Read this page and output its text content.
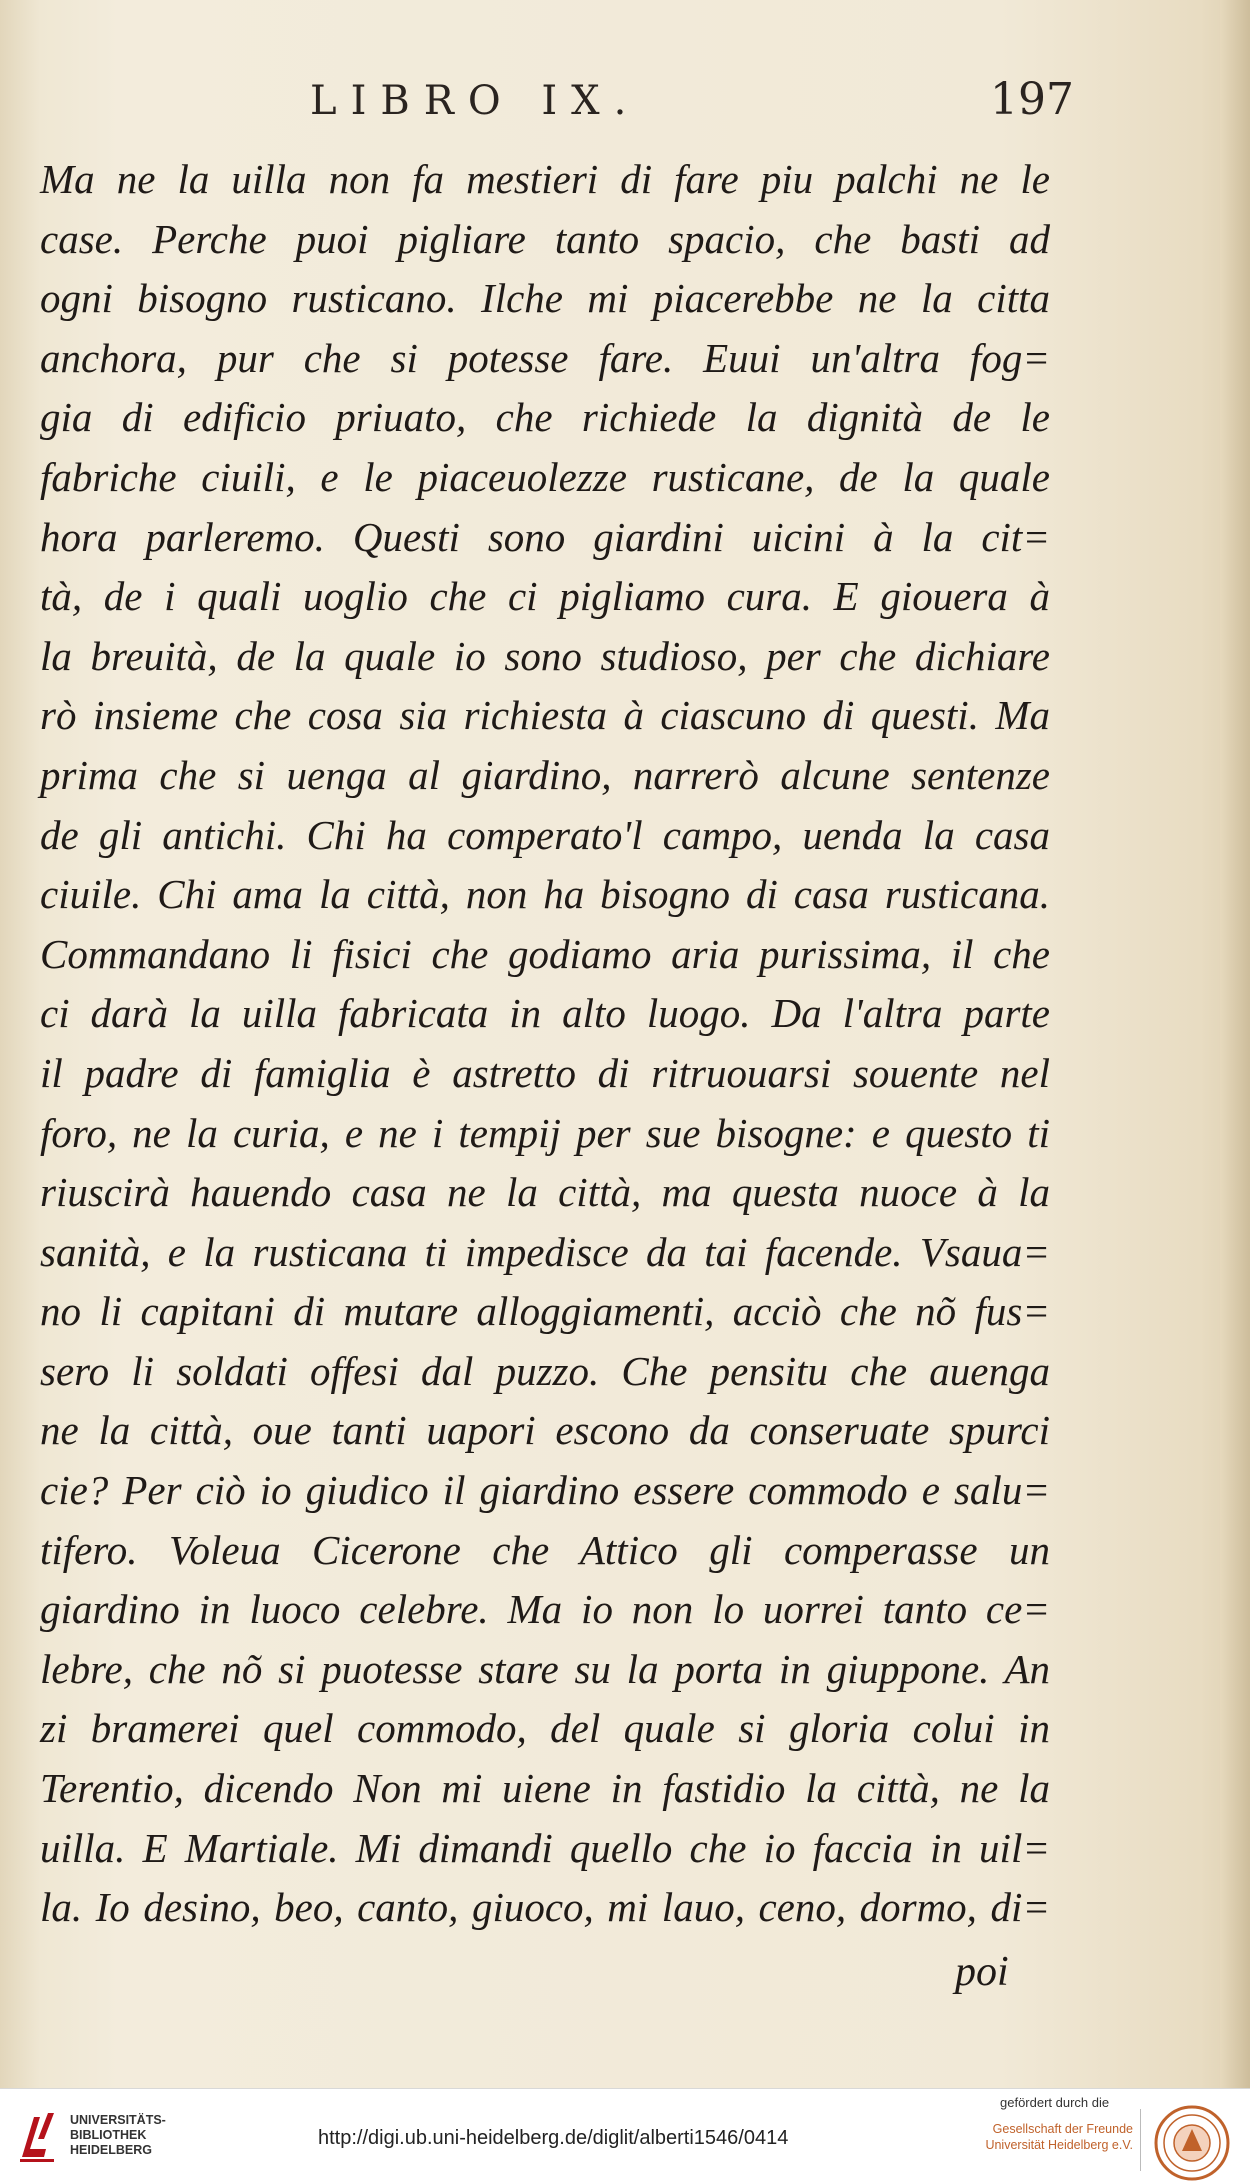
LIBRO IX.	197
Ma ne la uilla non fa mestieri di fare piu palchi ne le
case. Perche puoi pigliare tanto spacio, che basti ad
ogni bisogno rusticano. Ilche mi piacerebbe ne la citta
anchora, pur che si potesse fare. Euui un'altra fog=
gia di edificio priuato, che richiede la dignità de le
fabriche ciuili, e le piaceuolezze rusticane, de la quale
hora parleremo. Questi sono giardini uicini à la cit=
tà, de i quali uoglio che ci pigliamo cura. E giouera à
la breuità, de la quale io sono studioso, per che dichiare
rò insieme che cosa sia richiesta à ciascuno di questi. Ma
prima che si uenga al giardino, narrerò alcune sentenze
de gli antichi. Chi ha comperato'l campo, uenda la casa
ciuile. Chi ama la città, non ha bisogno di casa rusticana.
Commandano li fisici che godiamo aria purissima, il che
ci darà la uilla fabricata in alto luogo. Da l'altra parte
il padre di famiglia è astretto di ritruouarsi souente nel
foro, ne la curia, e ne i tempij per sue bisogne: e questo ti
riuscirà hauendo casa ne la città, ma questa nuoce à la
sanità, e la rusticana ti impedisce da tai facende. Vsaua=
no li capitani di mutare alloggiamenti, acciò che nõ fus=
sero li soldati offesi dal puzzo. Che pensitu che auenga
ne la città, oue tanti uapori escono da conseruate spurci
cie? Per ciò io giudico il giardino essere commodo e salu=
tifero. Voleua Cicerone che Attico gli comperasse un
giardino in luoco celebre. Ma io non lo uorrei tanto ce=
lebre, che nõ si puotesse stare su la porta in giuppone. An
zi bramerei quel commodo, del quale si gloria colui in
Terentio, dicendo Non mi uiene in fastidio la città, ne la
uilla. E Martiale. Mi dimandi quello che io faccia in uil=
la. Io desino, beo, canto, giuoco, mi lauo, ceno, dormo, di=
poi
UNIVERSITÄTS-
BIBLIOTHEK
HEIDELBERG
http://digi.ub.uni-heidelberg.de/diglit/alberti1546/0414
gefördert durch die
Gesellschaft der Freunde
Universität Heidelberg e.V.
